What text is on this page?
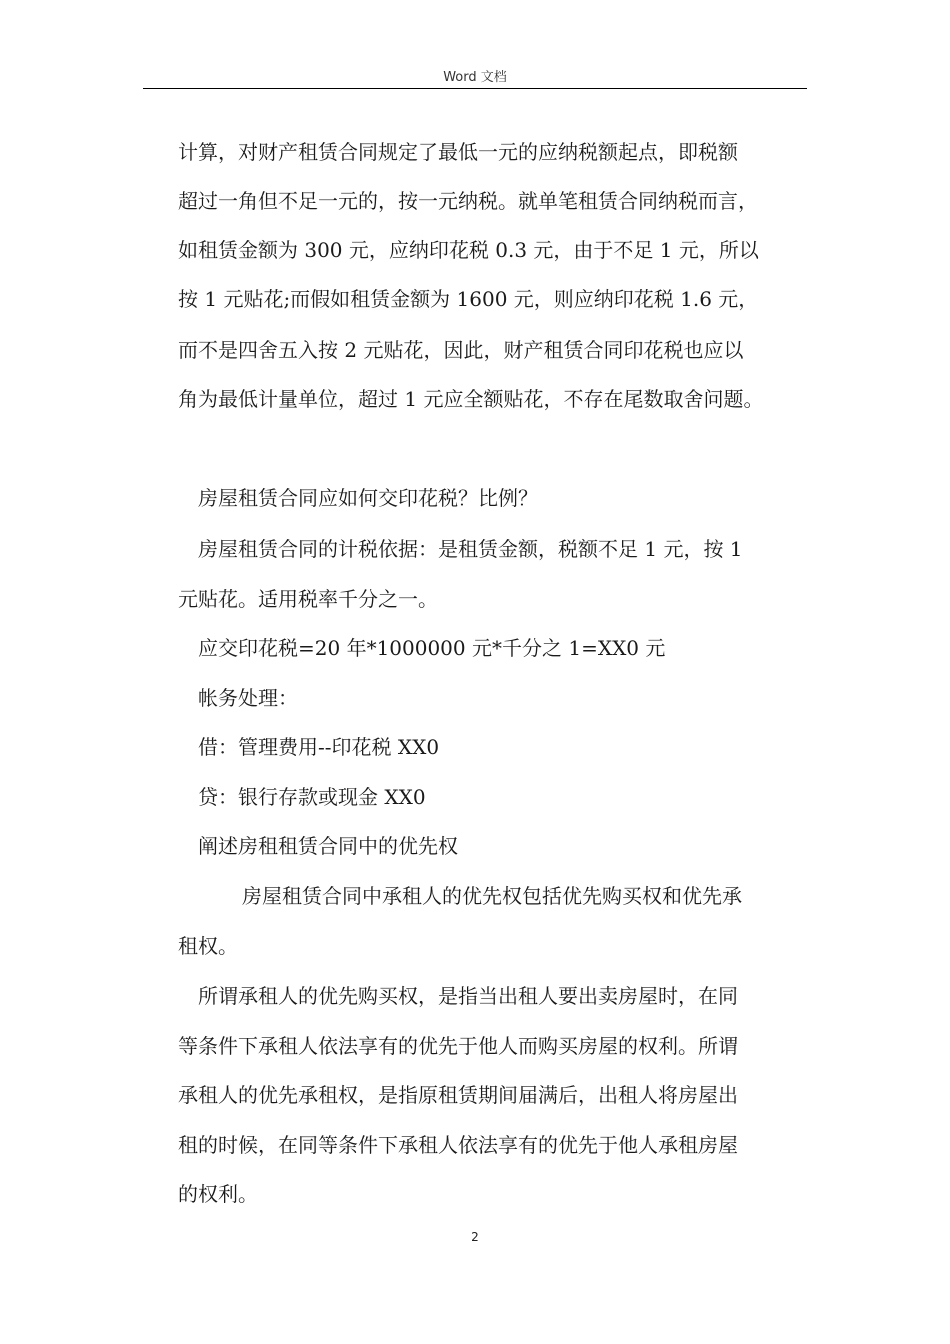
Word 文档
计算，对财产租赁合同规定了最低一元的应纳税额起点，即税额
超过一角但不足一元的，按一元纳税。就单笔租赁合同纳税而言，
如租赁金额为 300 元，应纳印花税 0.3 元，由于不足 1 元，所以
按 1 元贴花;而假如租赁金额为 1600 元，则应纳印花税 1.6 元，
而不是四舍五入按 2 元贴花，因此，财产租赁合同印花税也应以
角为最低计量单位，超过 1 元应全额贴花，不存在尾数取舍问题。
房屋租赁合同应如何交印花税？比例？
房屋租赁合同的计税依据：是租赁金额，税额不足 1 元，按 1
元贴花。适用税率千分之一。
应交印花税=20 年*1000000 元*千分之 1=XX0 元
帐务处理：
借：管理费用--印花税 XX0
贷：银行存款或现金 XX0
阐述房租租赁合同中的优先权
房屋租赁合同中承租人的优先权包括优先购买权和优先承
租权。
所谓承租人的优先购买权，是指当出租人要出卖房屋时，在同
等条件下承租人依法享有的优先于他人而购买房屋的权利。所谓
承租人的优先承租权，是指原租赁期间届满后，出租人将房屋出
租的时候，在同等条件下承租人依法享有的优先于他人承租房屋
的权利。
2
